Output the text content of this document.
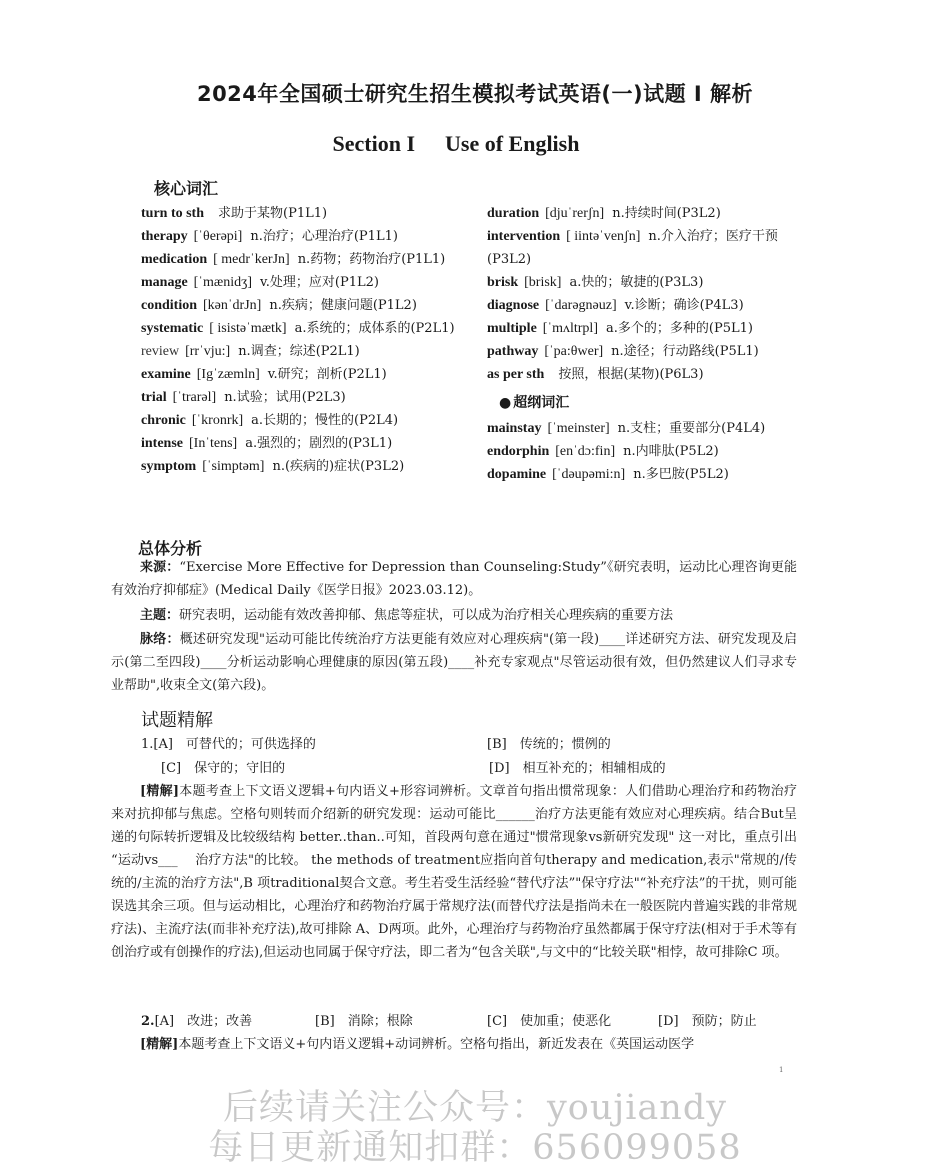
2024年全国硕士研究生招生模拟考试英语(一)试题 I 解析
Section I Use of English
核心词汇
turn to sth 求助于某物(P1L1)
therapy [ˈθerəpi] n.治疗；心理治疗(P1L1)
medication [ medrˈkerJn] n.药物；药物治疗(P1L1)
manage [ˈmænidʒ] v.处理；应对(P1L2)
condition [kənˈdrJn] n.疾病；健康问题(P1L2)
systematic [ isistəˈmætk] a.系统的；成体系的(P2L1)
review [rrˈvju:] n.调查；综述(P2L1)
examine [Igˈzæmln] v.研究；剖析(P2L1)
trial [ˈtrarəl] n.试验；试用(P2L3)
chronic [ˈkronrk] a.长期的；慢性的(P2L4)
intense [Inˈtens] a.强烈的；剧烈的(P3L1)
symptom [ˈsimptəm] n.(疾病的)症状(P3L2)
duration [djuˈrerʃn] n.持续时间(P3L2)
intervention [ iintəˈvenʃn] n.介入治疗；医疗干预(P3L2)
brisk [brisk] a.快的；敏捷的(P3L3)
diagnose [ˈdarəgnəuz] v.诊断；确诊(P4L3)
multiple [ˈmʌltrpl] a.多个的；多种的(P5L1)
pathway [ˈpa:θwer] n.途径；行动路线(P5L1)
as per sth 按照，根据(某物)(P6L3)
● 超纲词汇
mainstay [ˈmeinster] n.支柱；重要部分(P4L4)
endorphin [enˈdɔ:fin] n.内啡肽(P5L2)
dopamine [ˈdəupəmi:n] n.多巴胺(P5L2)
总体分析
来源：“Exercise More Effective for Depression than Counseling:Study”《研究表明，运动比心理咨询更能有效治疗抑郁症》(Medical Daily《医学日报》2023.03.12)。
主题：研究表明，运动能有效改善抑郁、焦虑等症状，可以成为治疗相关心理疾病的重要方法
脉络：概述研究发现"运动可能比传统治疗方法更能有效应对心理疾病"(第一段)____详述研究方法、研究发现及启示(第二至四段)____分析运动影响心理健康的原因(第五段)____补充专家观点"尽管运动很有效，但仍然建议人们寻求专业帮助",收束全文(第六段)。
试题精解
1.[A]　可替代的；可供选择的	[B]　传统的；惯例的
[C]　保守的；守旧的	[D]　相互补充的；相辅相成的
[精解]本题考查上下文语义逻辑+句内语义+形容词辨析。文章首句指出惯常现象：人们借助心理治疗和药物治疗来对抗抑郁与焦虑。空格句则转而介绍新的研究发现：运动可能比______治疗方法更能有效应对心理疾病。结合But呈递的句际转折逻辑及比较级结构 better..than..可知，首段两句意在通过"惯常现象vs新研究发现" 这一对比，重点引出 “运动vs___　 治疗方法"的比较。 the methods of treatment应指向首句therapy and medication,表示"常规的/传统的/主流的治疗方法",B 项traditional契合文意。考生若受生活经验“替代疗法”"保守疗法"“补充疗法”的干扰，则可能误选其余三项。但与运动相比，心理治疗和药物治疗属于常规疗法(而替代疗法是指尚未在一般医院内普遍实践的非常规疗法)、主流疗法(而非补充疗法),故可排除 A、D两项。此外，心理治疗与药物治疗虽然都属于保守疗法(相对于手术等有创治疗或有创操作的疗法),但运动也同属于保守疗法，即二者为“包含关联",与文中的“比较关联"相悖，故可排除C 项。
2.[A]　改进；改善	[B]　消除；根除	[C]　使加重；使恶化	[D]　预防；防止
[精解]本题考查上下文语义+句内语义逻辑+动词辨析。空格句指出，新近发表在《英国运动医学
1
后续请关注公众号：youjiandy
每日更新通知扣群：656099058
